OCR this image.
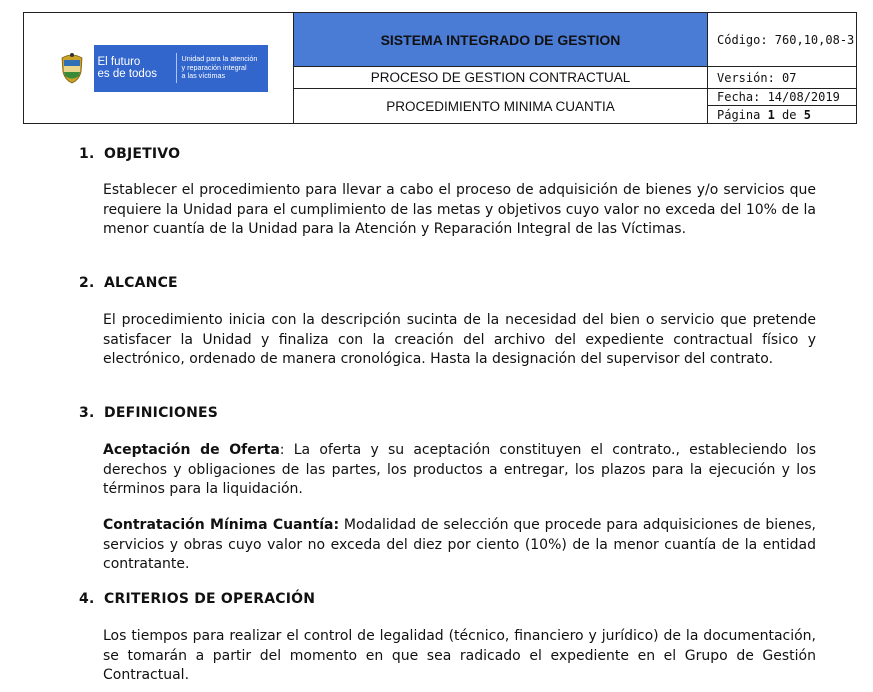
El futuro
es de todos
Unidad para la atención
y reparación integral
a las víctimas
SISTEMA INTEGRADO DE GESTION
PROCESO DE GESTION CONTRACTUAL
PROCEDIMIENTO MINIMA CUANTIA
Código: 760,10,08-3
Versión: 07
Fecha: 14/08/2019
Página 1 de 5
1. OBJETIVO
Establecer el procedimiento para llevar a cabo el proceso de adquisición de bienes y/o servicios que requiere la Unidad para el cumplimiento de las metas y objetivos cuyo valor no exceda del 10% de la menor cuantía de la Unidad para la Atención y Reparación Integral de las Víctimas.
2. ALCANCE
El procedimiento inicia con la descripción sucinta de la necesidad del bien o servicio que pretende satisfacer la Unidad y finaliza con la creación del archivo del expediente contractual físico y electrónico, ordenado de manera cronológica. Hasta la designación del supervisor del contrato.
3. DEFINICIONES
Aceptación de Oferta: La oferta y su aceptación constituyen el contrato., estableciendo los derechos y obligaciones de las partes, los productos a entregar, los plazos para la ejecución y los términos para la liquidación.
Contratación Mínima Cuantía: Modalidad de selección que procede para adquisiciones de bienes, servicios y obras cuyo valor no exceda del diez por ciento (10%) de la menor cuantía de la entidad contratante.
4. CRITERIOS DE OPERACIÓN
Los tiempos para realizar el control de legalidad (técnico, financiero y jurídico) de la documentación, se tomarán a partir del momento en que sea radicado el expediente en el Grupo de Gestión Contractual.
